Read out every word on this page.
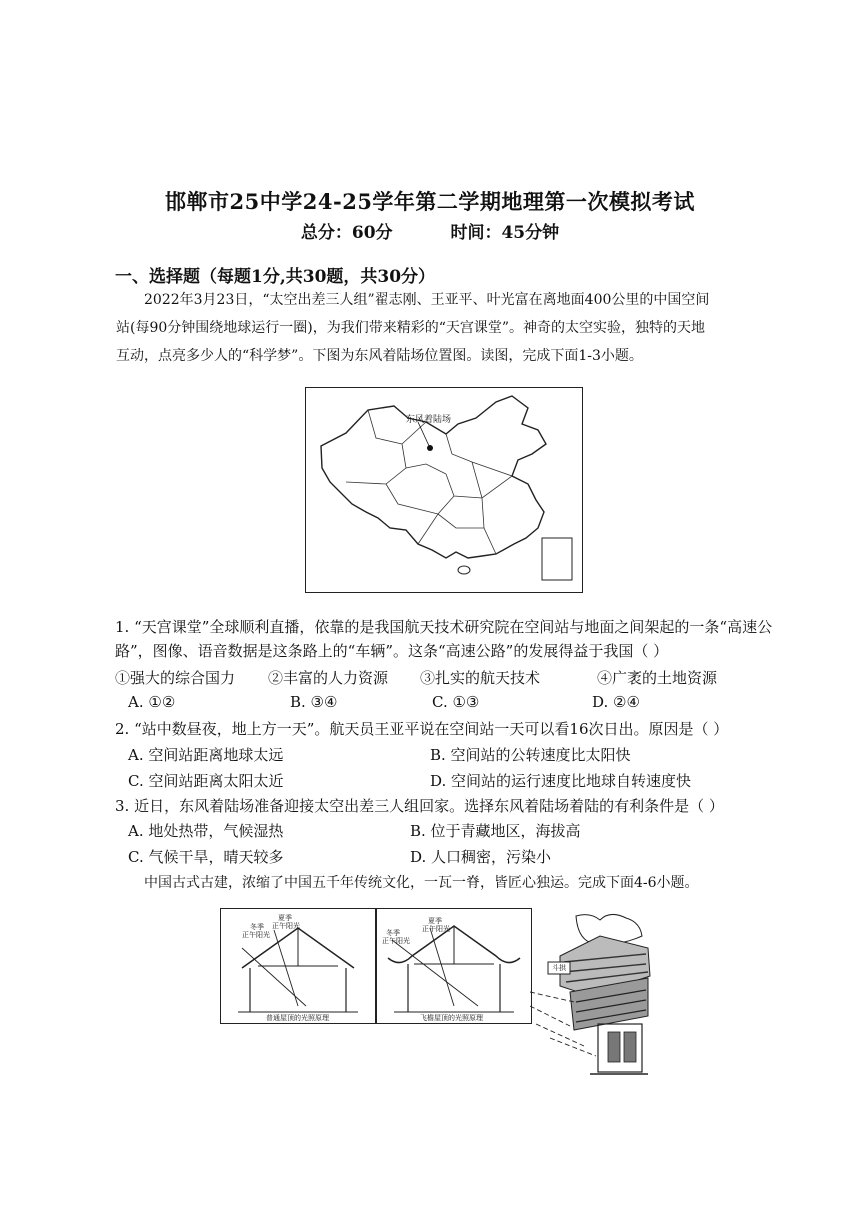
邯郸市25中学24-25学年第二学期地理第一次模拟考试
总分：60分	时间：45分钟
一、选择题（每题1分,共30题，共30分）
2022年3月23日，“太空出差三人组”翟志刚、王亚平、叶光富在离地面400公里的中国空间
站(每90分钟围绕地球运行一圈)，为我们带来精彩的“天宫课堂”。神奇的太空实验，独特的天地
互动，点亮多少人的“科学梦”。下图为东风着陆场位置图。读图，完成下面1-3小题。
东风着陆场
1. “天宫课堂”全球顺利直播，依靠的是我国航天技术研究院在空间站与地面之间架起的一条“高速公
路”，图像、语音数据是这条路上的“车辆”。这条“高速公路”的发展得益于我国（ ）
①强大的综合国力 ②丰富的人力资源 ③扎实的航天技术	④广袤的土地资源
A. ①②	B. ③④	C. ①③	D. ②④
2. “站中数昼夜，地上方一天”。航天员王亚平说在空间站一天可以看16次日出。原因是（ ）
A. 空间站距离地球太远	B. 空间站的公转速度比太阳快
C. 空间站距离太阳太近	D. 空间站的运行速度比地球自转速度快
3. 近日，东风着陆场准备迎接太空出差三人组回家。选择东风着陆场着陆的有利条件是（ ）
A. 地处热带，气候湿热	B. 位于青藏地区，海拔高
C. 气候干旱，晴天较多	D. 人口稠密，污染小
中国古式古建，浓缩了中国五千年传统文化，一瓦一脊，皆匠心独运。完成下面4-6小题。
冬季
正午阳光
夏季
正午阳光
普通屋顶的光照原理
冬季
正午阳光
夏季
正午阳光
飞檐屋顶的光照原理
斗拱
